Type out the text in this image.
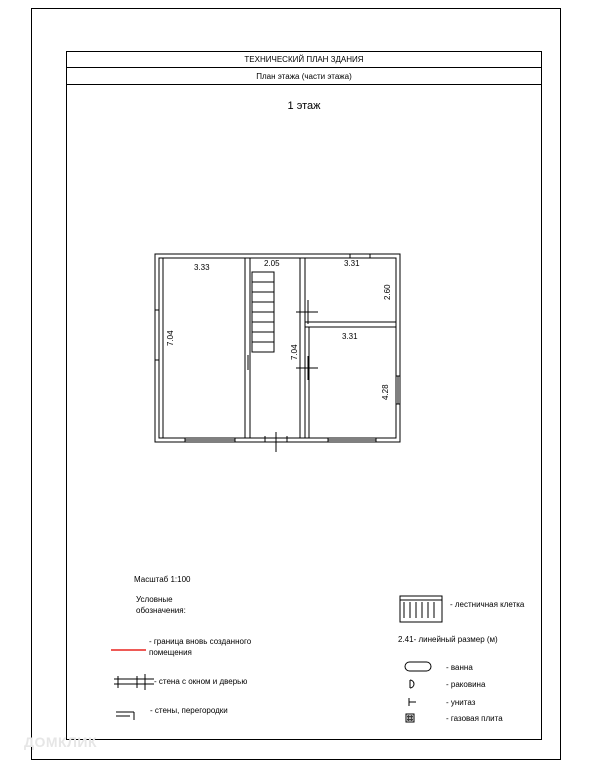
ТЕХНИЧЕСКИЙ ПЛАН ЗДАНИЯ
План этажа (части этажа)
1 этаж
3.33
7.04
2.05
7.04
3.31
2.60
3.31
4.28
Масштаб 1:100
Условные
обозначения:
- граница вновь созданного
помещения
- стена с окном и дверью
- стены, перегородки
- лестничная клетка
2.41- линейный размер (м)
- ванна
- раковина
- унитаз
- газовая плита
ДОМКЛИК
